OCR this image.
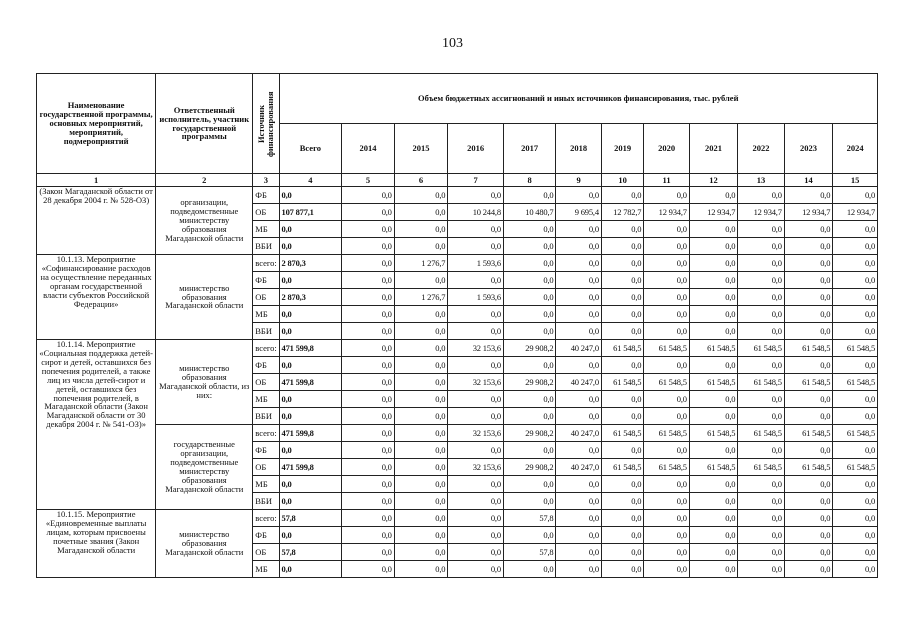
103
Наименование государственной программы, основных мероприятий, мероприятий, подмероприятий	Ответственный исполнитель, участник государственной программы	Источник финансирования	Объем бюджетных ассигнований и иных источников финансирования, тыс. рублей											
			Всего	2014	2015	2016	2017	2018	2019	2020	2021	2022	2023	2024
1	2	3	4	5	6	7	8	9	10	11	12	13	14	15
(Закон Магаданской области от 28 декабря 2004 г. № 528-ОЗ)	организации, подведомственные министерству образования Магаданской области	ФБ	0,0	0,0	0,0	0,0	0,0	0,0	0,0	0,0	0,0	0,0	0,0	0,0
		ОБ	107 877,1	0,0	0,0	10 244,8	10 480,7	9 695,4	12 782,7	12 934,7	12 934,7	12 934,7	12 934,7	12 934,7
		МБ	0,0	0,0	0,0	0,0	0,0	0,0	0,0	0,0	0,0	0,0	0,0	0,0
		ВБИ	0,0	0,0	0,0	0,0	0,0	0,0	0,0	0,0	0,0	0,0	0,0	0,0
10.1.13. Мероприятие «Софинансирование расходов на осуществление переданных органам государственной власти субъектов Российской Федерации»	министерство образования Магаданской области	всего:	2 870,3	0,0	1 276,7	1 593,6	0,0	0,0	0,0	0,0	0,0	0,0	0,0	0,0
		ФБ	0,0	0,0	0,0	0,0	0,0	0,0	0,0	0,0	0,0	0,0	0,0	0,0
		ОБ	2 870,3	0,0	1 276,7	1 593,6	0,0	0,0	0,0	0,0	0,0	0,0	0,0	0,0
		МБ	0,0	0,0	0,0	0,0	0,0	0,0	0,0	0,0	0,0	0,0	0,0	0,0
		ВБИ	0,0	0,0	0,0	0,0	0,0	0,0	0,0	0,0	0,0	0,0	0,0	0,0
10.1.14. Мероприятие «Социальная поддержка детей-сирот и детей, оставшихся без попечения родителей, а также лиц из числа детей-сирот и детей, оставшихся без попечения родителей, в Магаданской области (Закон Магаданской области от 30 декабря 2004 г. № 541-ОЗ)»	министерство образования Магаданской области, из них:	всего:	471 599,8	0,0	0,0	32 153,6	29 908,2	40 247,0	61 548,5	61 548,5	61 548,5	61 548,5	61 548,5	61 548,5
		ФБ	0,0	0,0	0,0	0,0	0,0	0,0	0,0	0,0	0,0	0,0	0,0	0,0
		ОБ	471 599,8	0,0	0,0	32 153,6	29 908,2	40 247,0	61 548,5	61 548,5	61 548,5	61 548,5	61 548,5	61 548,5
		МБ	0,0	0,0	0,0	0,0	0,0	0,0	0,0	0,0	0,0	0,0	0,0	0,0
		ВБИ	0,0	0,0	0,0	0,0	0,0	0,0	0,0	0,0	0,0	0,0	0,0	0,0
	государственные организации, подведомственные министерству образования Магаданской области	всего:	471 599,8	0,0	0,0	32 153,6	29 908,2	40 247,0	61 548,5	61 548,5	61 548,5	61 548,5	61 548,5	61 548,5
		ФБ	0,0	0,0	0,0	0,0	0,0	0,0	0,0	0,0	0,0	0,0	0,0	0,0
		ОБ	471 599,8	0,0	0,0	32 153,6	29 908,2	40 247,0	61 548,5	61 548,5	61 548,5	61 548,5	61 548,5	61 548,5
		МБ	0,0	0,0	0,0	0,0	0,0	0,0	0,0	0,0	0,0	0,0	0,0	0,0
		ВБИ	0,0	0,0	0,0	0,0	0,0	0,0	0,0	0,0	0,0	0,0	0,0	0,0
10.1.15. Мероприятие «Единовременные выплаты лицам, которым присвоены почетные звания (Закон Магаданской области	министерство образования Магаданской области	всего:	57,8	0,0	0,0	0,0	57,8	0,0	0,0	0,0	0,0	0,0	0,0	0,0
		ФБ	0,0	0,0	0,0	0,0	0,0	0,0	0,0	0,0	0,0	0,0	0,0	0,0
		ОБ	57,8	0,0	0,0	0,0	57,8	0,0	0,0	0,0	0,0	0,0	0,0	0,0
		МБ	0,0	0,0	0,0	0,0	0,0	0,0	0,0	0,0	0,0	0,0	0,0	0,0
